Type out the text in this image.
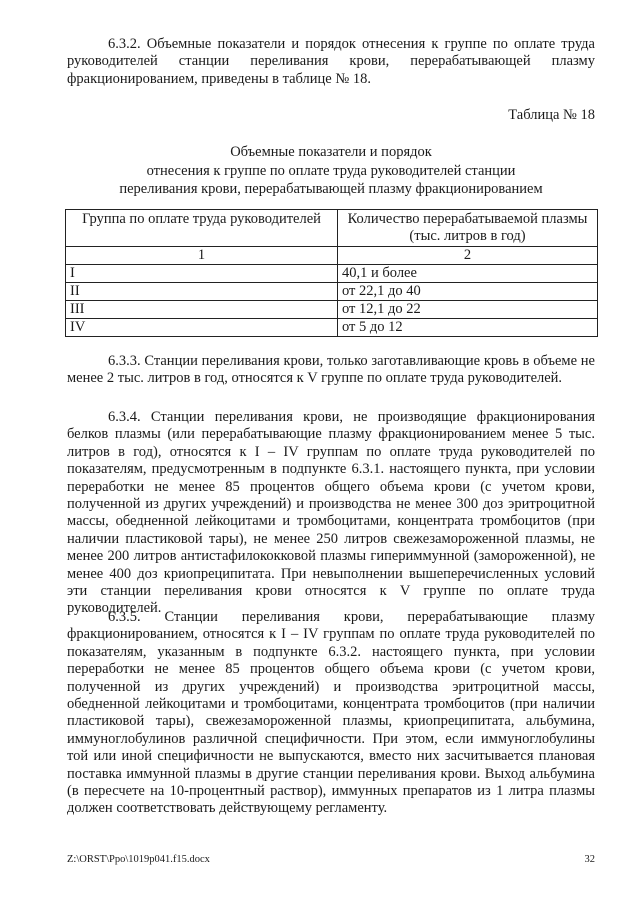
6.3.2. Объемные показатели и порядок отнесения к группе по оплате труда руководителей станции переливания крови, перерабатывающей плазму фракционированием, приведены в таблице № 18.

Таблица № 18

Объемные показатели и порядок
отнесения к группе по оплате труда руководителей станции
переливания крови, перерабатывающей плазму фракционированием
Группа по оплате труда руководителей	Количество перерабатываемой плазмы (тыс. литров в год)
1	2
I	40,1 и более
II	от 22,1 до 40
III	от 12,1 до 22
IV	от 5 до 12

6.3.3. Станции переливания крови, только заготавливающие кровь в объеме не менее 2 тыс. литров в год, относятся к V группе по оплате труда руководителей.

6.3.4. Станции переливания крови, не производящие фракционирования белков плазмы (или перерабатывающие плазму фракционированием менее 5 тыс. литров в год), относятся к I – IV группам по оплате труда руководителей по показателям, предусмотренным в подпункте 6.3.1. настоящего пункта, при условии переработки не менее 85 процентов общего объема крови (с учетом крови, полученной из других учреждений) и производства не менее 300 доз эритроцитной массы, обедненной лейкоцитами и тромбоцитами, концентрата тромбоцитов (при наличии пластиковой тары), не менее 250 литров свежезамороженной плазмы, не менее 200 литров антистафилококковой плазмы гипериммунной (замороженной), не менее 400 доз криопреципитата. При невыполнении вышеперечисленных условий эти станции переливания крови относятся к V группе по оплате труда руководителей.

6.3.5. Станции переливания крови, перерабатывающие плазму фракционированием, относятся к I – IV группам по оплате труда руководителей по показателям, указанным в подпункте 6.3.2. настоящего пункта, при условии переработки не менее 85 процентов общего объема крови (с учетом крови, полученной из других учреждений) и производства эритроцитной массы, обедненной лейкоцитами и тромбоцитами, концентрата тромбоцитов (при наличии пластиковой тары), свежезамороженной плазмы, криопреципитата, альбумина, иммуноглобулинов различной специфичности. При этом, если иммуноглобулины той или иной специфичности не выпускаются, вместо них засчитывается плановая поставка иммунной плазмы в другие станции переливания крови. Выход альбумина (в пересчете на 10-процентный раствор), иммунных препаратов из 1 литра плазмы должен соответствовать действующему регламенту.

Z:\ORST\Ppo\1019p041.f15.docx	32
